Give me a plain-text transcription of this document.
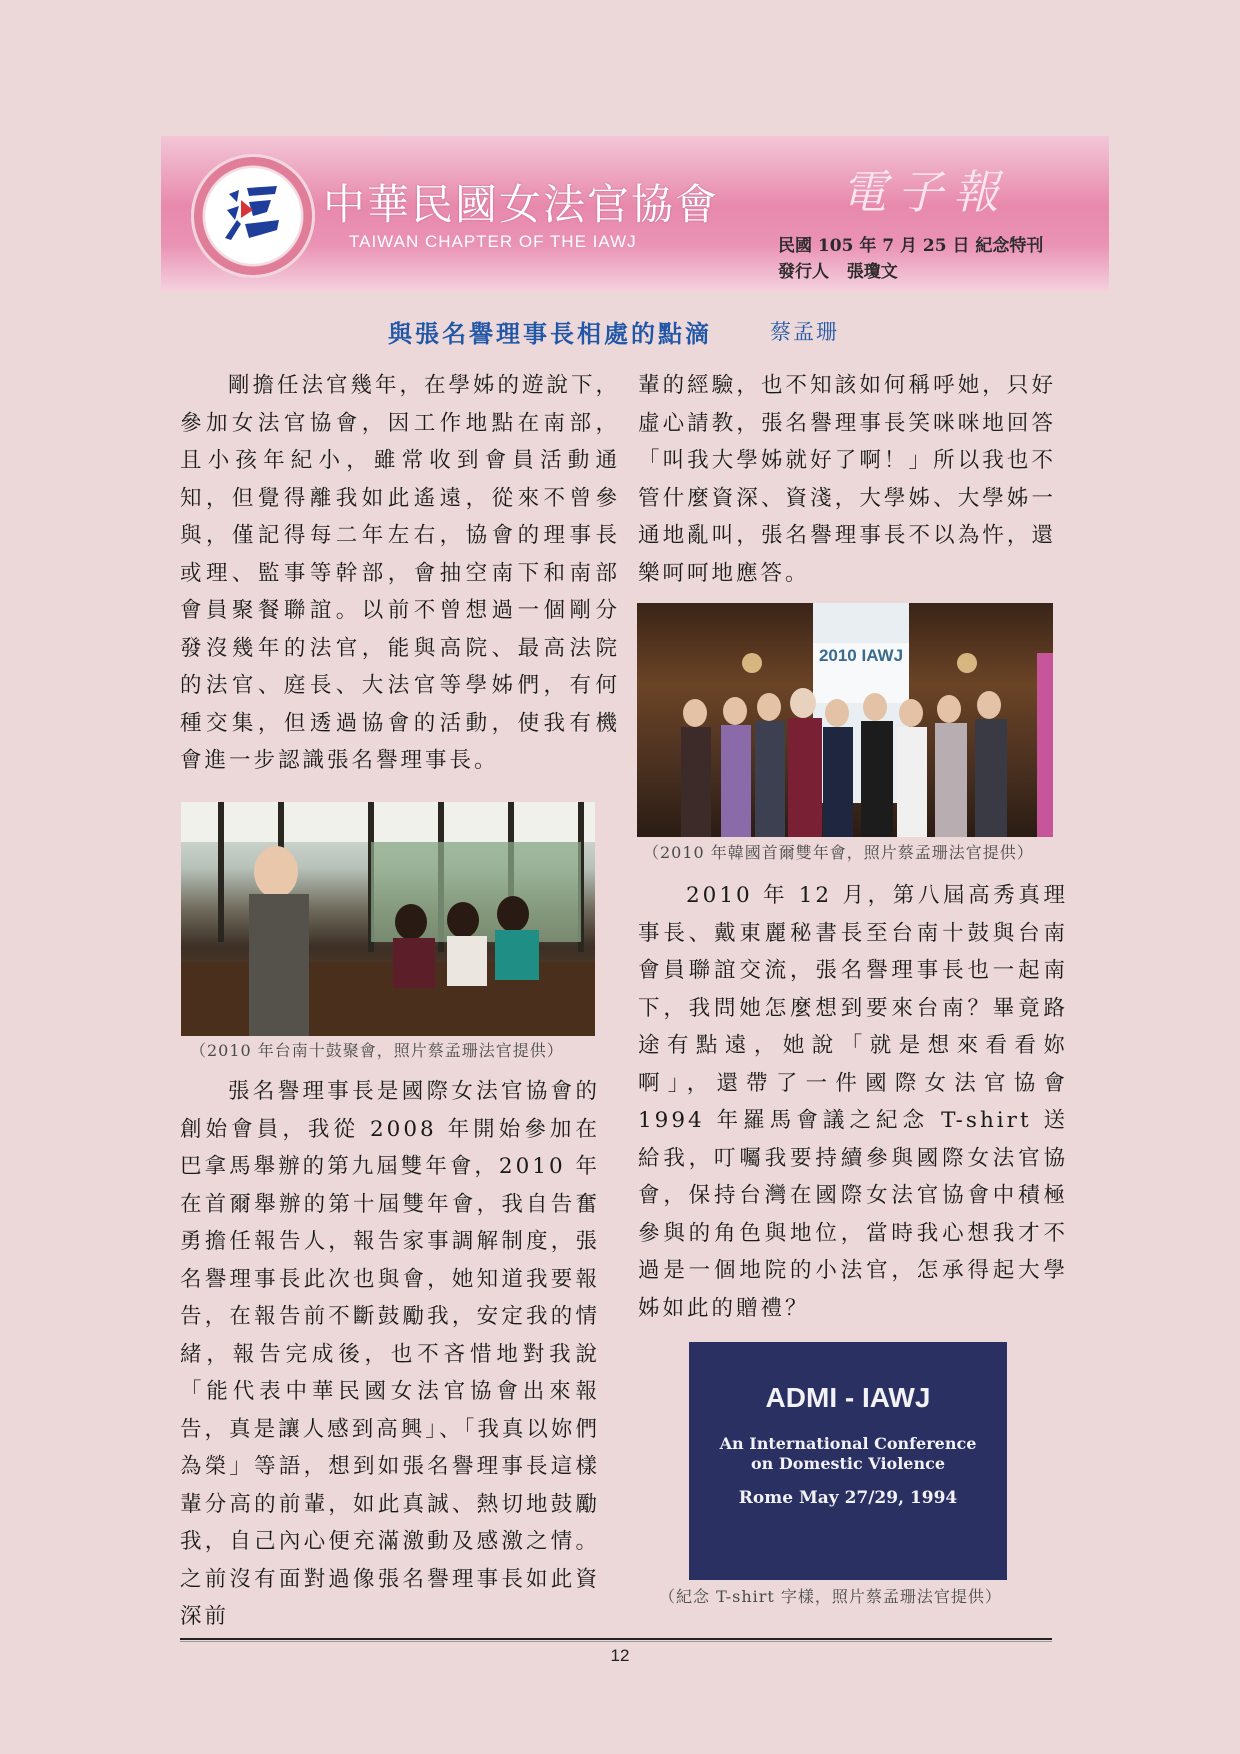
中華民國女法官協會
TAIWAN CHAPTER OF THE IAWJ
電子報
民國 105 年 7 月 25 日 紀念特刊
發行人   張瓊文
與張名譽理事長相處的點滴	蔡孟珊

剛擔任法官幾年，在學姊的遊說下，參加女法官協會，因工作地點在南部，且小孩年紀小，雖常收到會員活動通知，但覺得離我如此遙遠，從來不曾參與，僅記得每二年左右，協會的理事長或理、監事等幹部，會抽空南下和南部會員聚餐聯誼。以前不曾想過一個剛分發沒幾年的法官，能與高院、最高法院的法官、庭長、大法官等學姊們，有何種交集，但透過協會的活動，使我有機會進一步認識張名譽理事長。

（2010 年台南十鼓聚會，照片蔡孟珊法官提供）

張名譽理事長是國際女法官協會的創始會員，我從 2008 年開始參加在巴拿馬舉辦的第九屆雙年會，2010 年在首爾舉辦的第十屆雙年會，我自告奮勇擔任報告人，報告家事調解制度，張名譽理事長此次也與會，她知道我要報告，在報告前不斷鼓勵我，安定我的情緒，報告完成後，也不吝惜地對我說「能代表中華民國女法官協會出來報告，真是讓人感到高興」、「我真以妳們為榮」等語，想到如張名譽理事長這樣輩分高的前輩，如此真誠、熱切地鼓勵我，自己內心便充滿激動及感激之情。之前沒有面對過像張名譽理事長如此資深前

輩的經驗，也不知該如何稱呼她，只好虛心請教，張名譽理事長笑咪咪地回答「叫我大學姊就好了啊！」所以我也不管什麼資深、資淺，大學姊、大學姊一通地亂叫，張名譽理事長不以為忤，還樂呵呵地應答。

2010 IAWJ
（2010 年韓國首爾雙年會，照片蔡孟珊法官提供）

2010 年 12 月，第八屆高秀真理事長、戴東麗秘書長至台南十鼓與台南會員聯誼交流，張名譽理事長也一起南下，我問她怎麼想到要來台南？畢竟路途有點遠，她說「就是想來看看妳啊」，還帶了一件國際女法官協會 1994 年羅馬會議之紀念 T-shirt 送給我，叮囑我要持續參與國際女法官協會，保持台灣在國際女法官協會中積極參與的角色與地位，當時我心想我才不過是一個地院的小法官，怎承得起大學姊如此的贈禮？

ADMI - IAWJ
An International Conference
on Domestic Violence
Rome May 27/29, 1994
（紀念 T-shirt 字樣，照片蔡孟珊法官提供）
12
